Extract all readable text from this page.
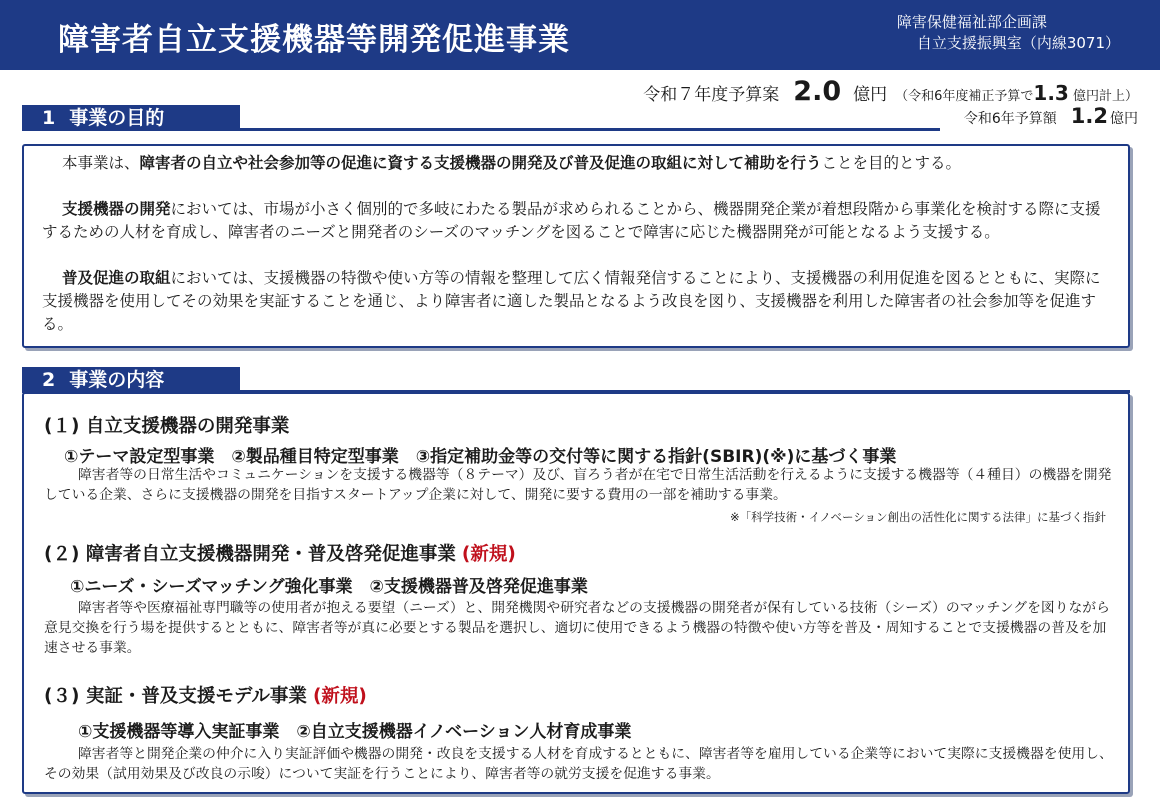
障害者自立支援機器等開発促進事業	障害保健福祉部企画課
自立支援振興室（内線3071）
令和７年度予算案 2.0 億円 （令和6年度補正予算で1.3 億円計上）
令和6年予算額 1.2 億円
1 事業の目的

本事業は、障害者の自立や社会参加等の促進に資する支援機器の開発及び普及促進の取組に対して補助を行うことを目的とする。

支援機器の開発においては、市場が小さく個別的で多岐にわたる製品が求められることから、機器開発企業が着想段階から事業化を検討する際に支援するための人材を育成し、障害者のニーズと開発者のシーズのマッチングを図ることで障害に応じた機器開発が可能となるよう支援する。

普及促進の取組においては、支援機器の特徴や使い方等の情報を整理して広く情報発信することにより、支援機器の利用促進を図るとともに、実際に支援機器を使用してその効果を実証することを通じ、より障害者に適した製品となるよう改良を図り、支援機器を利用した障害者の社会参加等を促進する。

2 事業の内容
(１) 自立支援機器の開発事業
①テーマ設定型事業　②製品種目特定型事業　③指定補助金等の交付等に関する指針(SBIR)(※)に基づく事業

障害者等の日常生活やコミュニケーションを支援する機器等（８テーマ）及び、盲ろう者が在宅で日常生活活動を行えるように支援する機器等（４種目）の機器を開発している企業、さらに支援機器の開発を目指すスタートアップ企業に対して、開発に要する費用の一部を補助する事業。

※「科学技術・イノベーション創出の活性化に関する法律」に基づく指針
(２) 障害者自立支援機器開発・普及啓発促進事業 (新規)
①ニーズ・シーズマッチング強化事業　②支援機器普及啓発促進事業

障害者等や医療福祉専門職等の使用者が抱える要望（ニーズ）と、開発機関や研究者などの支援機器の開発者が保有している技術（シーズ）のマッチングを図りながら意見交換を行う場を提供するとともに、障害者等が真に必要とする製品を選択し、適切に使用できるよう機器の特徴や使い方等を普及・周知することで支援機器の普及を加速させる事業。

(３) 実証・普及支援モデル事業 (新規)
①支援機器等導入実証事業　②自立支援機器イノベーション人材育成事業

障害者等と開発企業の仲介に入り実証評価や機器の開発・改良を支援する人材を育成するとともに、障害者等を雇用している企業等において実際に支援機器を使用し、その効果（試用効果及び改良の示唆）について実証を行うことにより、障害者等の就労支援を促進する事業。
